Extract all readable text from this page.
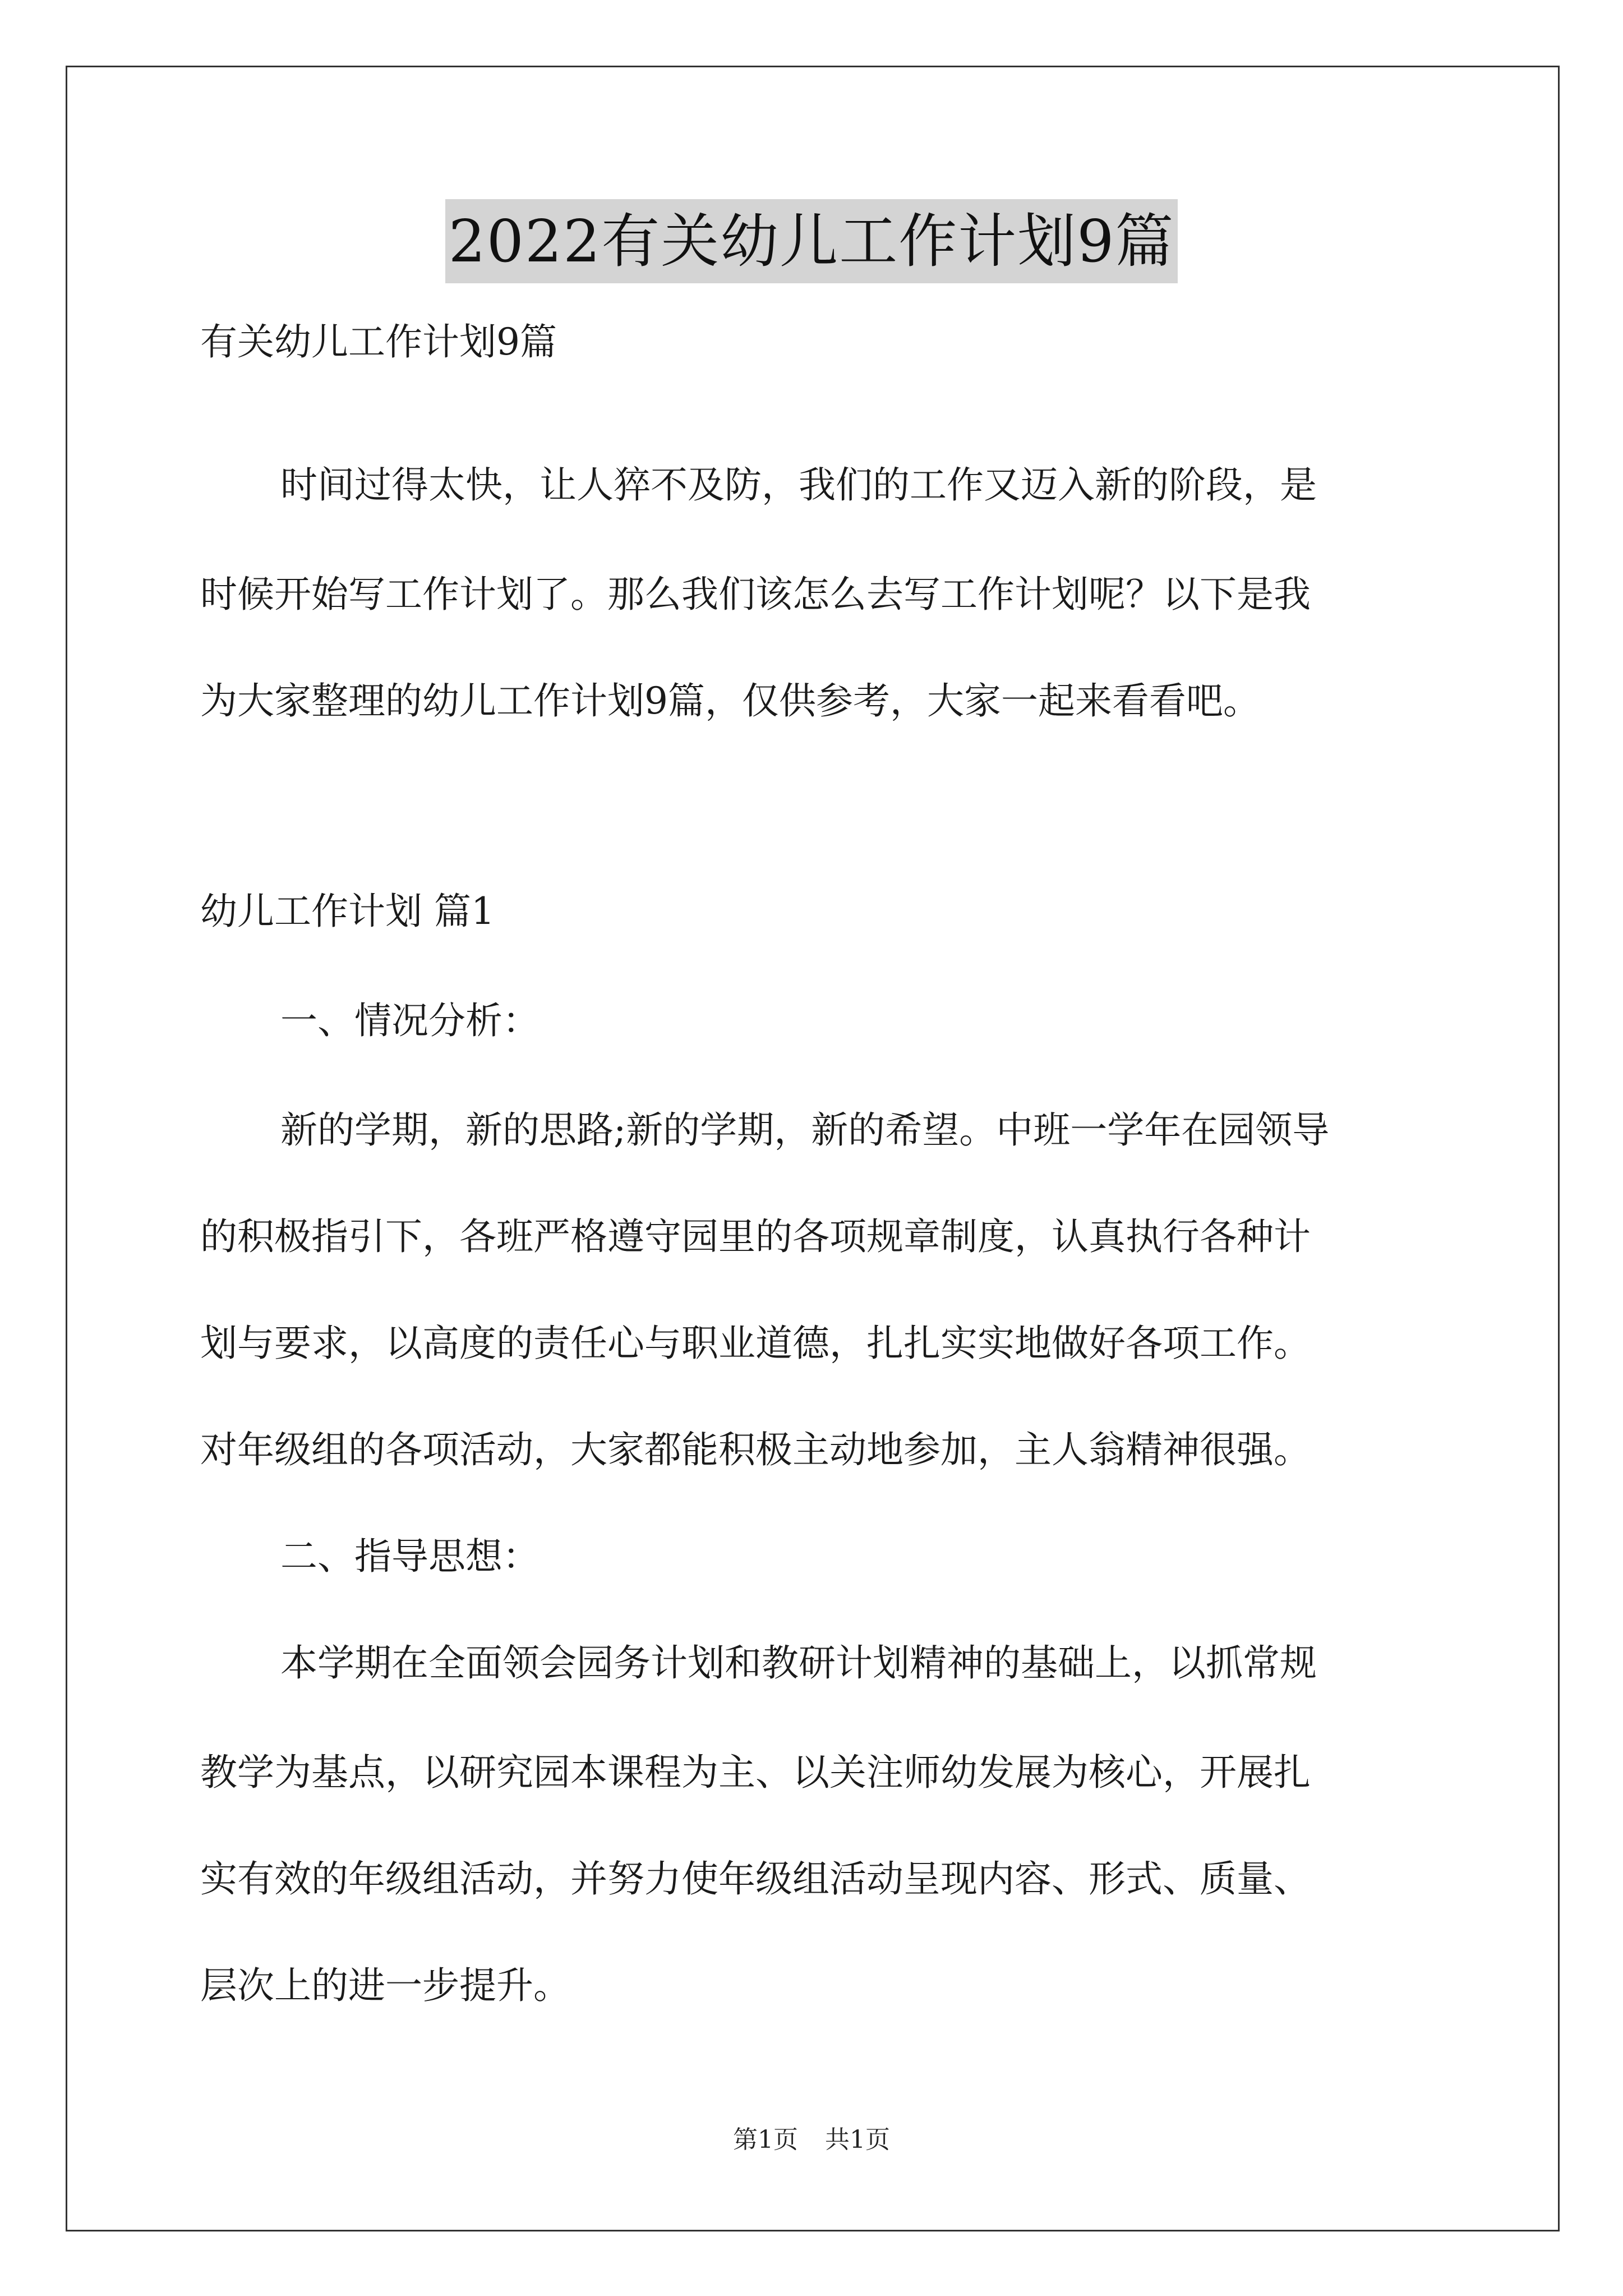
2022有关幼儿工作计划9篇

有关幼儿工作计划9篇

时间过得太快，让人猝不及防，我们的工作又迈入新的阶段，是

时候开始写工作计划了。那么我们该怎么去写工作计划呢？以下是我

为大家整理的幼儿工作计划9篇，仅供参考，大家一起来看看吧。

幼儿工作计划 篇1

一、情况分析：

新的学期，新的思路;新的学期，新的希望。中班一学年在园领导

的积极指引下，各班严格遵守园里的各项规章制度，认真执行各种计

划与要求，以高度的责任心与职业道德，扎扎实实地做好各项工作。

对年级组的各项活动，大家都能积极主动地参加，主人翁精神很强。

二、指导思想：

本学期在全面领会园务计划和教研计划精神的基础上，以抓常规

教学为基点，以研究园本课程为主、以关注师幼发展为核心，开展扎

实有效的年级组活动，并努力使年级组活动呈现内容、形式、质量、

层次上的进一步提升。

第1页 共1页
